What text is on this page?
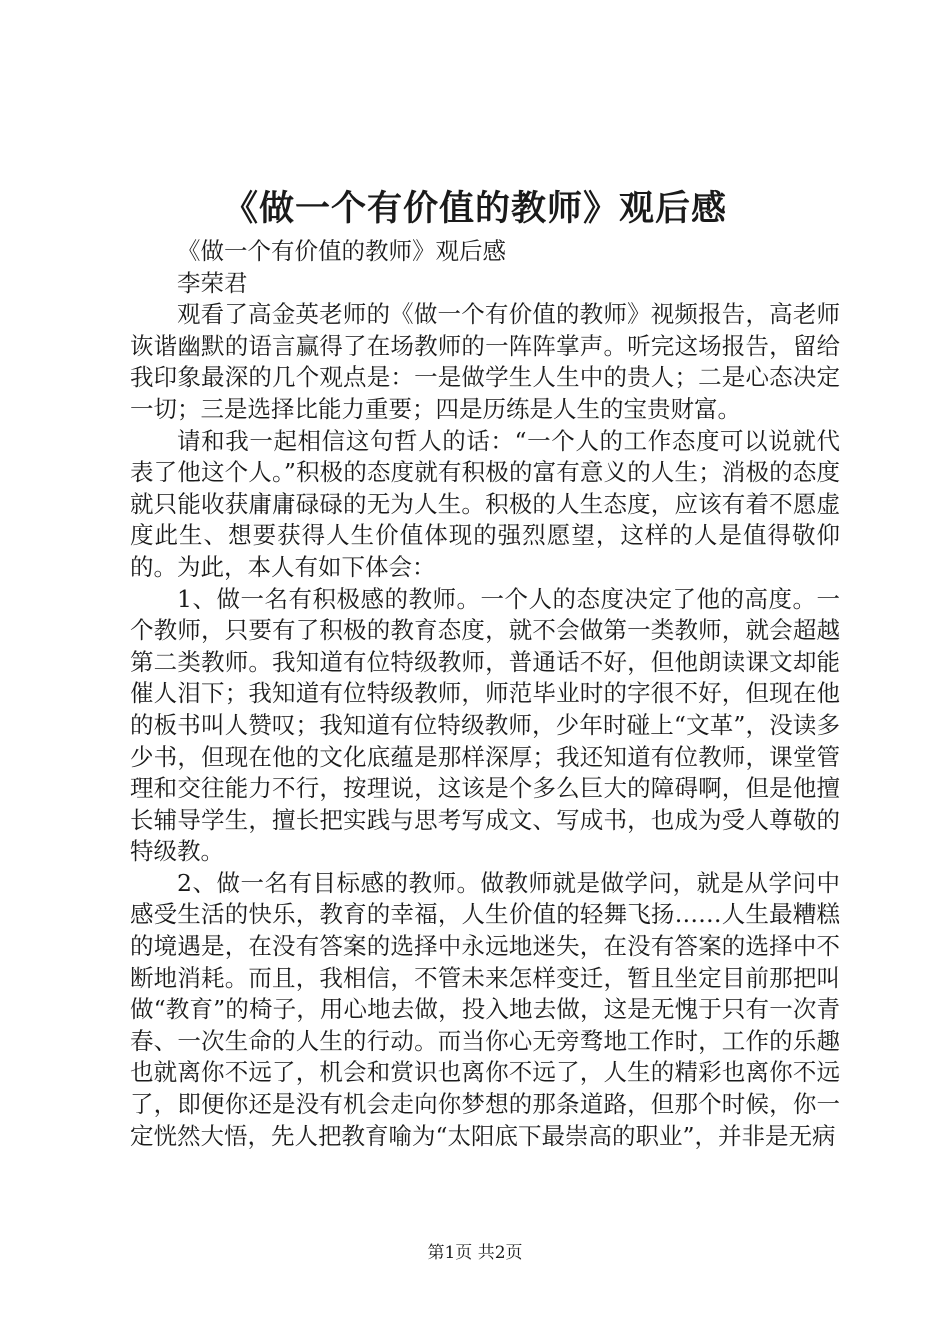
《做一个有价值的教师》观后感

《做一个有价值的教师》观后感

李荣君

观看了高金英老师的《做一个有价值的教师》视频报告，高老师诙谐幽默的语言赢得了在场教师的一阵阵掌声。听完这场报告，留给我印象最深的几个观点是：一是做学生人生中的贵人；二是心态决定一切；三是选择比能力重要；四是历练是人生的宝贵财富。

请和我一起相信这句哲人的话：“一个人的工作态度可以说就代表了他这个人。”积极的态度就有积极的富有意义的人生；消极的态度就只能收获庸庸碌碌的无为人生。积极的人生态度，应该有着不愿虚度此生、想要获得人生价值体现的强烈愿望，这样的人是值得敬仰的。为此，本人有如下体会：

1、做一名有积极感的教师。一个人的态度决定了他的高度。一个教师，只要有了积极的教育态度，就不会做第一类教师，就会超越第二类教师。我知道有位特级教师，普通话不好，但他朗读课文却能催人泪下；我知道有位特级教师，师范毕业时的字很不好，但现在他的板书叫人赞叹；我知道有位特级教师，少年时碰上“文革”，没读多少书，但现在他的文化底蕴是那样深厚；我还知道有位教师，课堂管理和交往能力不行，按理说，这该是个多么巨大的障碍啊，但是他擅长辅导学生，擅长把实践与思考写成文、写成书，也成为受人尊敬的特级教。

2、做一名有目标感的教师。做教师就是做学问，就是从学问中感受生活的快乐，教育的幸福，人生价值的轻舞飞扬……人生最糟糕的境遇是，在没有答案的选择中永远地迷失，在没有答案的选择中不断地消耗。而且，我相信，不管未来怎样变迁，暂且坐定目前那把叫做“教育”的椅子，用心地去做，投入地去做，这是无愧于只有一次青春、一次生命的人生的行动。而当你心无旁骛地工作时，工作的乐趣也就离你不远了，机会和赏识也离你不远了，人生的精彩也离你不远了，即便你还是没有机会走向你梦想的那条道路，但那个时候，你一定恍然大悟，先人把教育喻为“太阳底下最崇高的职业”，并非是无病

第1页 共2页
